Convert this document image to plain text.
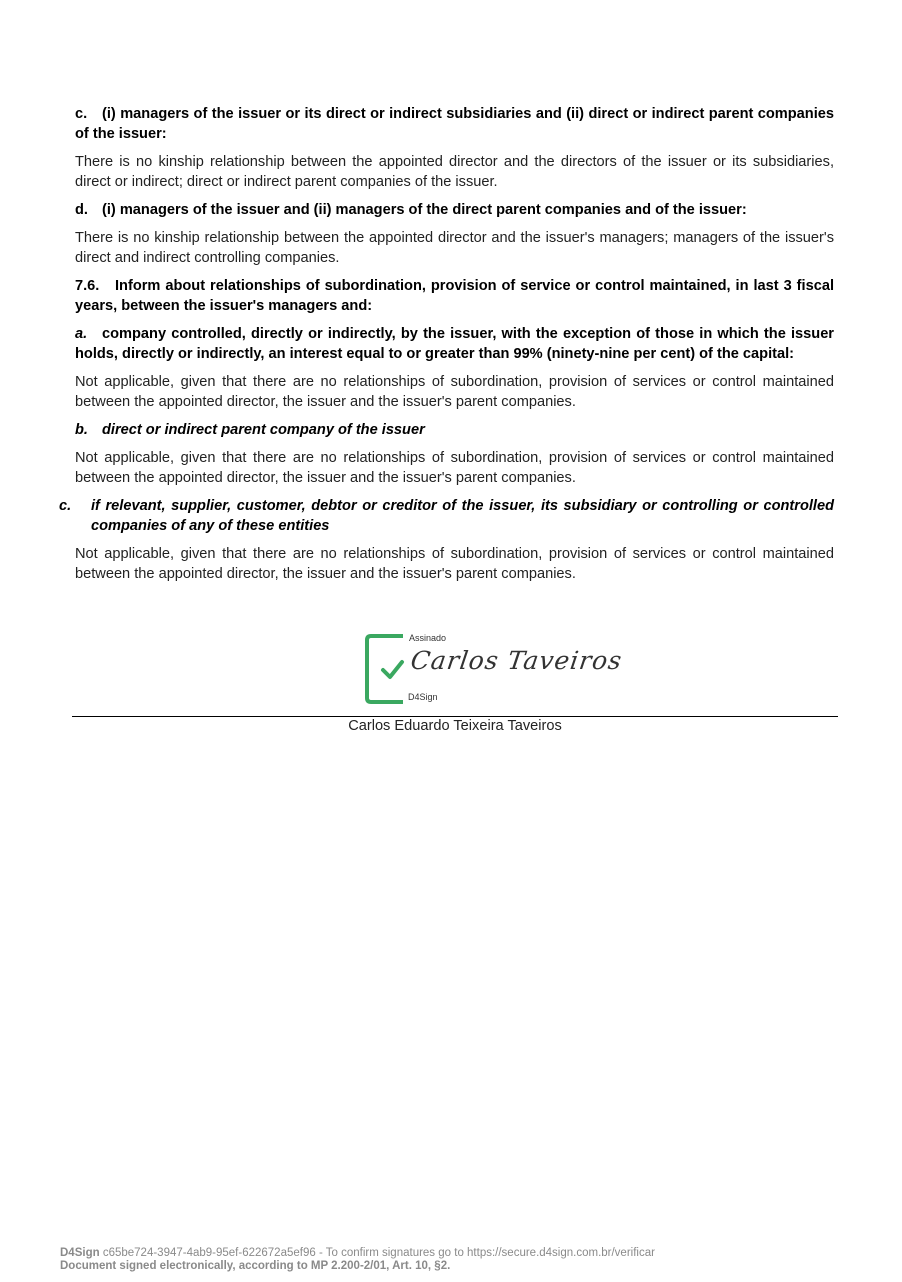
c. (i) managers of the issuer or its direct or indirect subsidiaries and (ii) direct or indirect parent companies of the issuer:
There is no kinship relationship between the appointed director and the directors of the issuer or its subsidiaries, direct or indirect; direct or indirect parent companies of the issuer.
d. (i) managers of the issuer and (ii) managers of the direct parent companies and of the issuer:
There is no kinship relationship between the appointed director and the issuer's managers; managers of the issuer's direct and indirect controlling companies.
7.6. Inform about relationships of subordination, provision of service or control maintained, in last 3 fiscal years, between the issuer's managers and:
a. company controlled, directly or indirectly, by the issuer, with the exception of those in which the issuer holds, directly or indirectly, an interest equal to or greater than 99% (ninety-nine per cent) of the capital:
Not applicable, given that there are no relationships of subordination, provision of services or control maintained between the appointed director, the issuer and the issuer's parent companies.
b. direct or indirect parent company of the issuer
Not applicable, given that there are no relationships of subordination, provision of services or control maintained between the appointed director, the issuer and the issuer's parent companies.
c. if relevant, supplier, customer, debtor or creditor of the issuer, its subsidiary or controlling or controlled companies of any of these entities
Not applicable, given that there are no relationships of subordination, provision of services or control maintained between the appointed director, the issuer and the issuer's parent companies.
Assinado
Carlos Taveiros
D4Sign
Carlos Eduardo Teixeira Taveiros
D4Sign c65be724-3947-4ab9-95ef-622672a5ef96 - To confirm signatures go to https://secure.d4sign.com.br/verificar
Document signed electronically, according to MP 2.200-2/01, Art. 10, §2.
